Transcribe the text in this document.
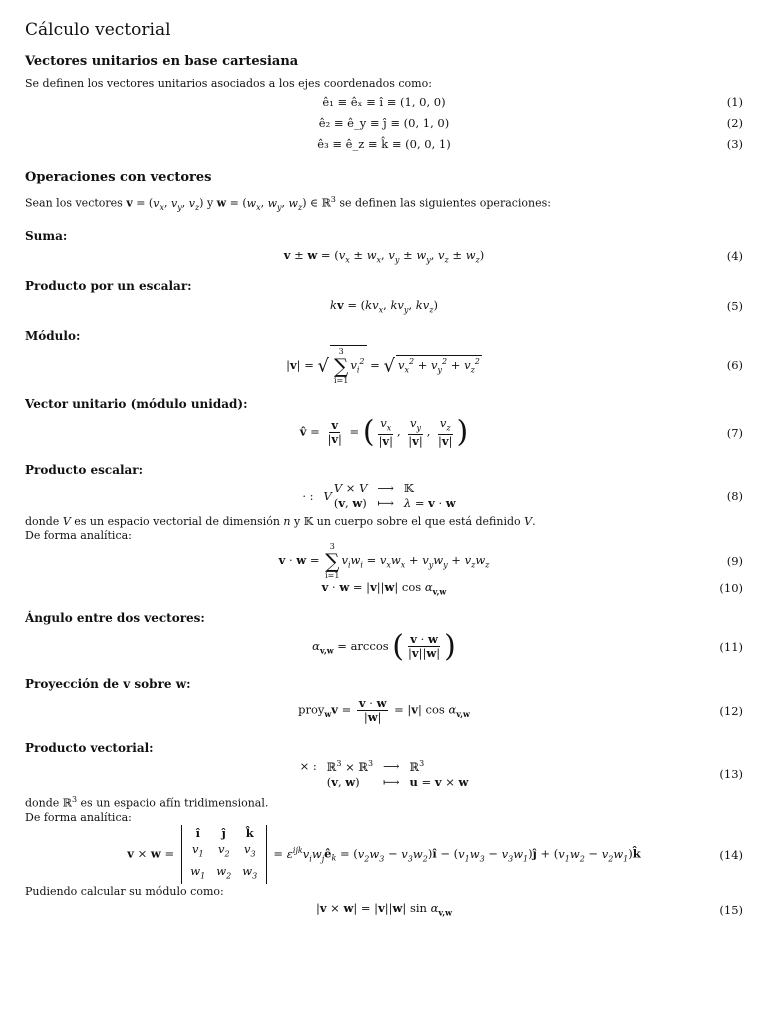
Cálculo vectorial
Vectores unitarios en base cartesiana

Se definen los vectores unitarios asociados a los ejes coordenados como:

ê₁ ≡ êₓ ≡ î ≡ (1, 0, 0)	(1)
ê₂ ≡ ê_y ≡ ĵ ≡ (0, 1, 0)	(2)
ê₃ ≡ ê_z ≡ k̂ ≡ (0, 0, 1)	(3)
Operaciones con vectores

Sean los vectores $v = (v_x$, $v_y$, $v_z$) y $w = (w_x$, $w_y$, $w_z$) ∈ ℝ$^3$ se definen las siguientes operaciones:

Suma:
$v \pm w = (v_x \pm w_x$, $v_y \pm w_y$, $v_z \pm w_z$)	(4)
Producto por un escalar:
kv = ($kv_x$, $kv_y$, $kv_z$)	(5)
Módulo:
|v| = √
3
∑
i=1
$v_i^2$ = √ $v_x^2 + v_y^2 + v_z^2$	(6)
Vector unitario (módulo unidad):
v̂ = $\frac{v}{|v|}$ = ( $\frac{v_x}{|v|}$ , $\frac{v_y}{|v|}$ , $\frac{v_z}{|v|}$ )	(7)
Producto escalar:
· : V
V × V ⟶ 𝕂
(v, w) ⟼ λ = v · w
(8)

donde V es un espacio vectorial de dimensión n y 𝕂 un cuerpo sobre el que está definido V.

De forma analítica:

v · w =
3
∑
i=1
$v_iw_i = v_xw_x + v_yw_y + v_zw_z$	(9)
v · w = |v||w| $\cos \alpha_{v,w}$	(10)
Ángulo entre dos vectores:
$\alpha_{v,w} = \arccos$ ( $\frac{v \cdot w}{|v||w|}$ )	(11)
Proyección de v sobre w:
proy$_w$v = $\frac{v \cdot w}{|w|} = |v|$ $\cos \alpha_{v,w}$	(12)
Producto vectorial:
× : ℝ$^3$ × ℝ$^3$ ⟶ ℝ$^3$
(v, w)	⟼ u = v × w
(13)

donde ℝ$^3$ es un espacio afín tridimensional.

De forma analítica:

v × w =
î	ĵ	k̂
$v_1$	$v_2$	$v_3$
$w_1$ $w_2$ $w_3$
= $\varepsilon^{ijk}v_iw_jê_k = (v_2w_3$ − $v_3w_2)î - (v_1w_3$ − $v_3w_1)ĵ + (v_1w_2$ − $v_2w_1)k̂$	(14)

Pudiendo calcular su módulo como:

|v × w| = |v||w| $\sin \alpha_{v,w}$	(15)
